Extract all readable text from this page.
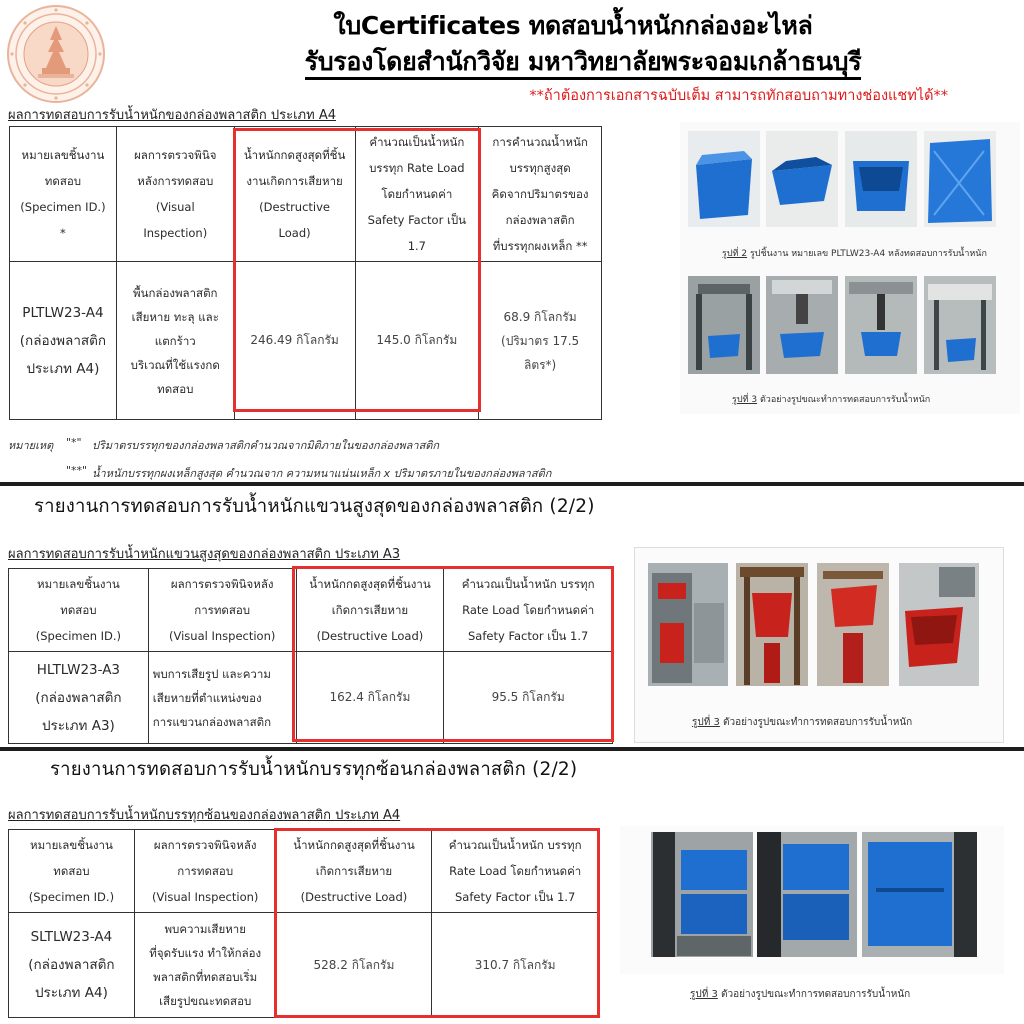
ใบCertificates ทดสอบน้ำหนักกล่องอะไหล่
รับรองโดยสำนักวิจัย มหาวิทยาลัยพระจอมเกล้าธนบุรี
**ถ้าต้องการเอกสารฉบับเต็ม สามารถทักสอบถามทางช่องแชทได้**
ผลการทดสอบการรับน้ำหนักของกล่องพลาสติก ประเภท A4
หมายเลขชิ้นงาน
ทดสอบ
(Specimen ID.)
*	ผลการตรวจพินิจ
หลังการทดสอบ
(Visual
Inspection)	น้ำหนักกดสูงสุดที่ชิ้น
งานเกิดการเสียหาย
(Destructive
Load)	คำนวณเป็นน้ำหนัก
บรรทุก Rate Load
โดยกำหนดค่า
Safety Factor เป็น
1.7	การคำนวณน้ำหนัก
บรรทุกสูงสุด
คิดจากปริมาตรของ
กล่องพลาสติก
ที่บรรทุกผงเหล็ก **
PLTLW23-A4
(กล่องพลาสติก
ประเภท A4)	พื้นกล่องพลาสติก
เสียหาย ทะลุ และ
แตกร้าว
บริเวณที่ใช้แรงกด
ทดสอบ	246.49 กิโลกรัม	145.0 กิโลกรัม	68.9 กิโลกรัม
(ปริมาตร 17.5 ลิตร*)
หมายเหตุ "*" ปริมาตรบรรทุกของกล่องพลาสติกคำนวณจากมิติภายในของกล่องพลาสติก
"**" น้ำหนักบรรทุกผงเหล็กสูงสุด คำนวณจาก ความหนาแน่นเหล็ก x ปริมาตรภายในของกล่องพลาสติก
รูปที่ 2 รูปชิ้นงาน หมายเลข PLTLW23-A4 หลังทดสอบการรับน้ำหนัก
รูปที่ 3 ตัวอย่างรูปขณะทำการทดสอบการรับน้ำหนัก
รายงานการทดสอบการรับน้ำหนักแขวนสูงสุดของกล่องพลาสติก (2/2)
ผลการทดสอบการรับน้ำหนักแขวนสูงสุดของกล่องพลาสติก ประเภท A3
หมายเลขชิ้นงาน
ทดสอบ
(Specimen ID.)	ผลการตรวจพินิจหลัง
การทดสอบ
(Visual Inspection)	น้ำหนักกดสูงสุดที่ชิ้นงาน
เกิดการเสียหาย
(Destructive Load)	คำนวณเป็นน้ำหนัก บรรทุก
Rate Load โดยกำหนดค่า
Safety Factor เป็น 1.7
HLTLW23-A3
(กล่องพลาสติก
ประเภท A3)	พบการเสียรูป และความ
เสียหายที่ตำแหน่งของ
การแขวนกล่องพลาสติก	162.4 กิโลกรัม	95.5 กิโลกรัม
รูปที่ 3 ตัวอย่างรูปขณะทำการทดสอบการรับน้ำหนัก
รายงานการทดสอบการรับน้ำหนักบรรทุกซ้อนกล่องพลาสติก (2/2)
ผลการทดสอบการรับน้ำหนักบรรทุกซ้อนของกล่องพลาสติก ประเภท A4
หมายเลขชิ้นงาน
ทดสอบ
(Specimen ID.)	ผลการตรวจพินิจหลัง
การทดสอบ
(Visual Inspection)	น้ำหนักกดสูงสุดที่ชิ้นงาน
เกิดการเสียหาย
(Destructive Load)	คำนวณเป็นน้ำหนัก บรรทุก
Rate Load โดยกำหนดค่า
Safety Factor เป็น 1.7
SLTLW23-A4
(กล่องพลาสติก
ประเภท A4)	พบความเสียหาย
ที่จุดรับแรง ทำให้กล่อง
พลาสติกที่ทดสอบเริ่ม
เสียรูปขณะทดสอบ	528.2 กิโลกรัม	310.7 กิโลกรัม
รูปที่ 3 ตัวอย่างรูปขณะทำการทดสอบการรับน้ำหนัก
